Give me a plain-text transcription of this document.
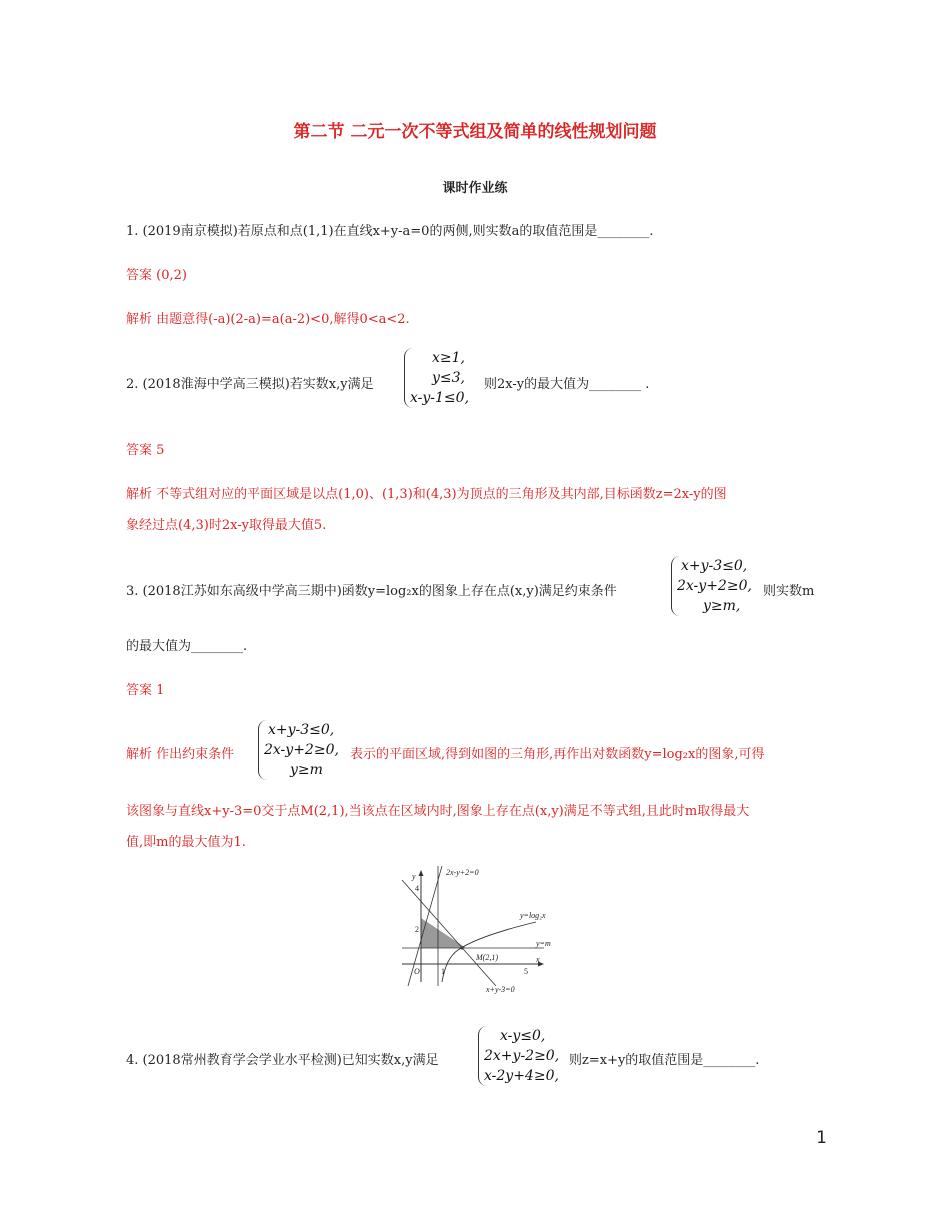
第二节 二元一次不等式组及简单的线性规划问题
课时作业练
1. (2019南京模拟)若原点和点(1,1)在直线x+y-a=0的两侧,则实数a的取值范围是________.
答案 (0,2)
解析 由题意得(-a)(2-a)=a(a-2)<0,解得0<a<2.
2. (2018淮海中学高三模拟)若实数x,y满足
x≥1,
y≤3,
x-y-1≤0,
则2x-y的最大值为________ .
答案 5
解析 不等式组对应的平面区域是以点(1,0)、(1,3)和(4,3)为顶点的三角形及其内部,目标函数z=2x-y的图
象经过点(4,3)时2x-y取得最大值5.
3. (2018江苏如东高级中学高三期中)函数y=log₂x的图象上存在点(x,y)满足约束条件
x+y-3≤0,
2x-y+2≥0,
y≥m,
则实数m
的最大值为________.
答案 1
解析 作出约束条件
x+y-3≤0,
2x-y+2≥0,
y≥m
表示的平面区域,得到如图的三角形,再作出对数函数y=log₂x的图象,可得
该图象与直线x+y-3=0交于点M(2,1),当该点在区域内时,图象上存在点(x,y)满足不等式组,且此时m取得最大
值,即m的最大值为1.
2x-y+2=0
y=log₂x
y=m
M(2,1)
x+y-3=0
y
x
O
4
2
1	5
4. (2018常州教育学会学业水平检测)已知实数x,y满足
x-y≤0,
2x+y-2≥0,
x-2y+4≥0,
则z=x+y的取值范围是________.
1
